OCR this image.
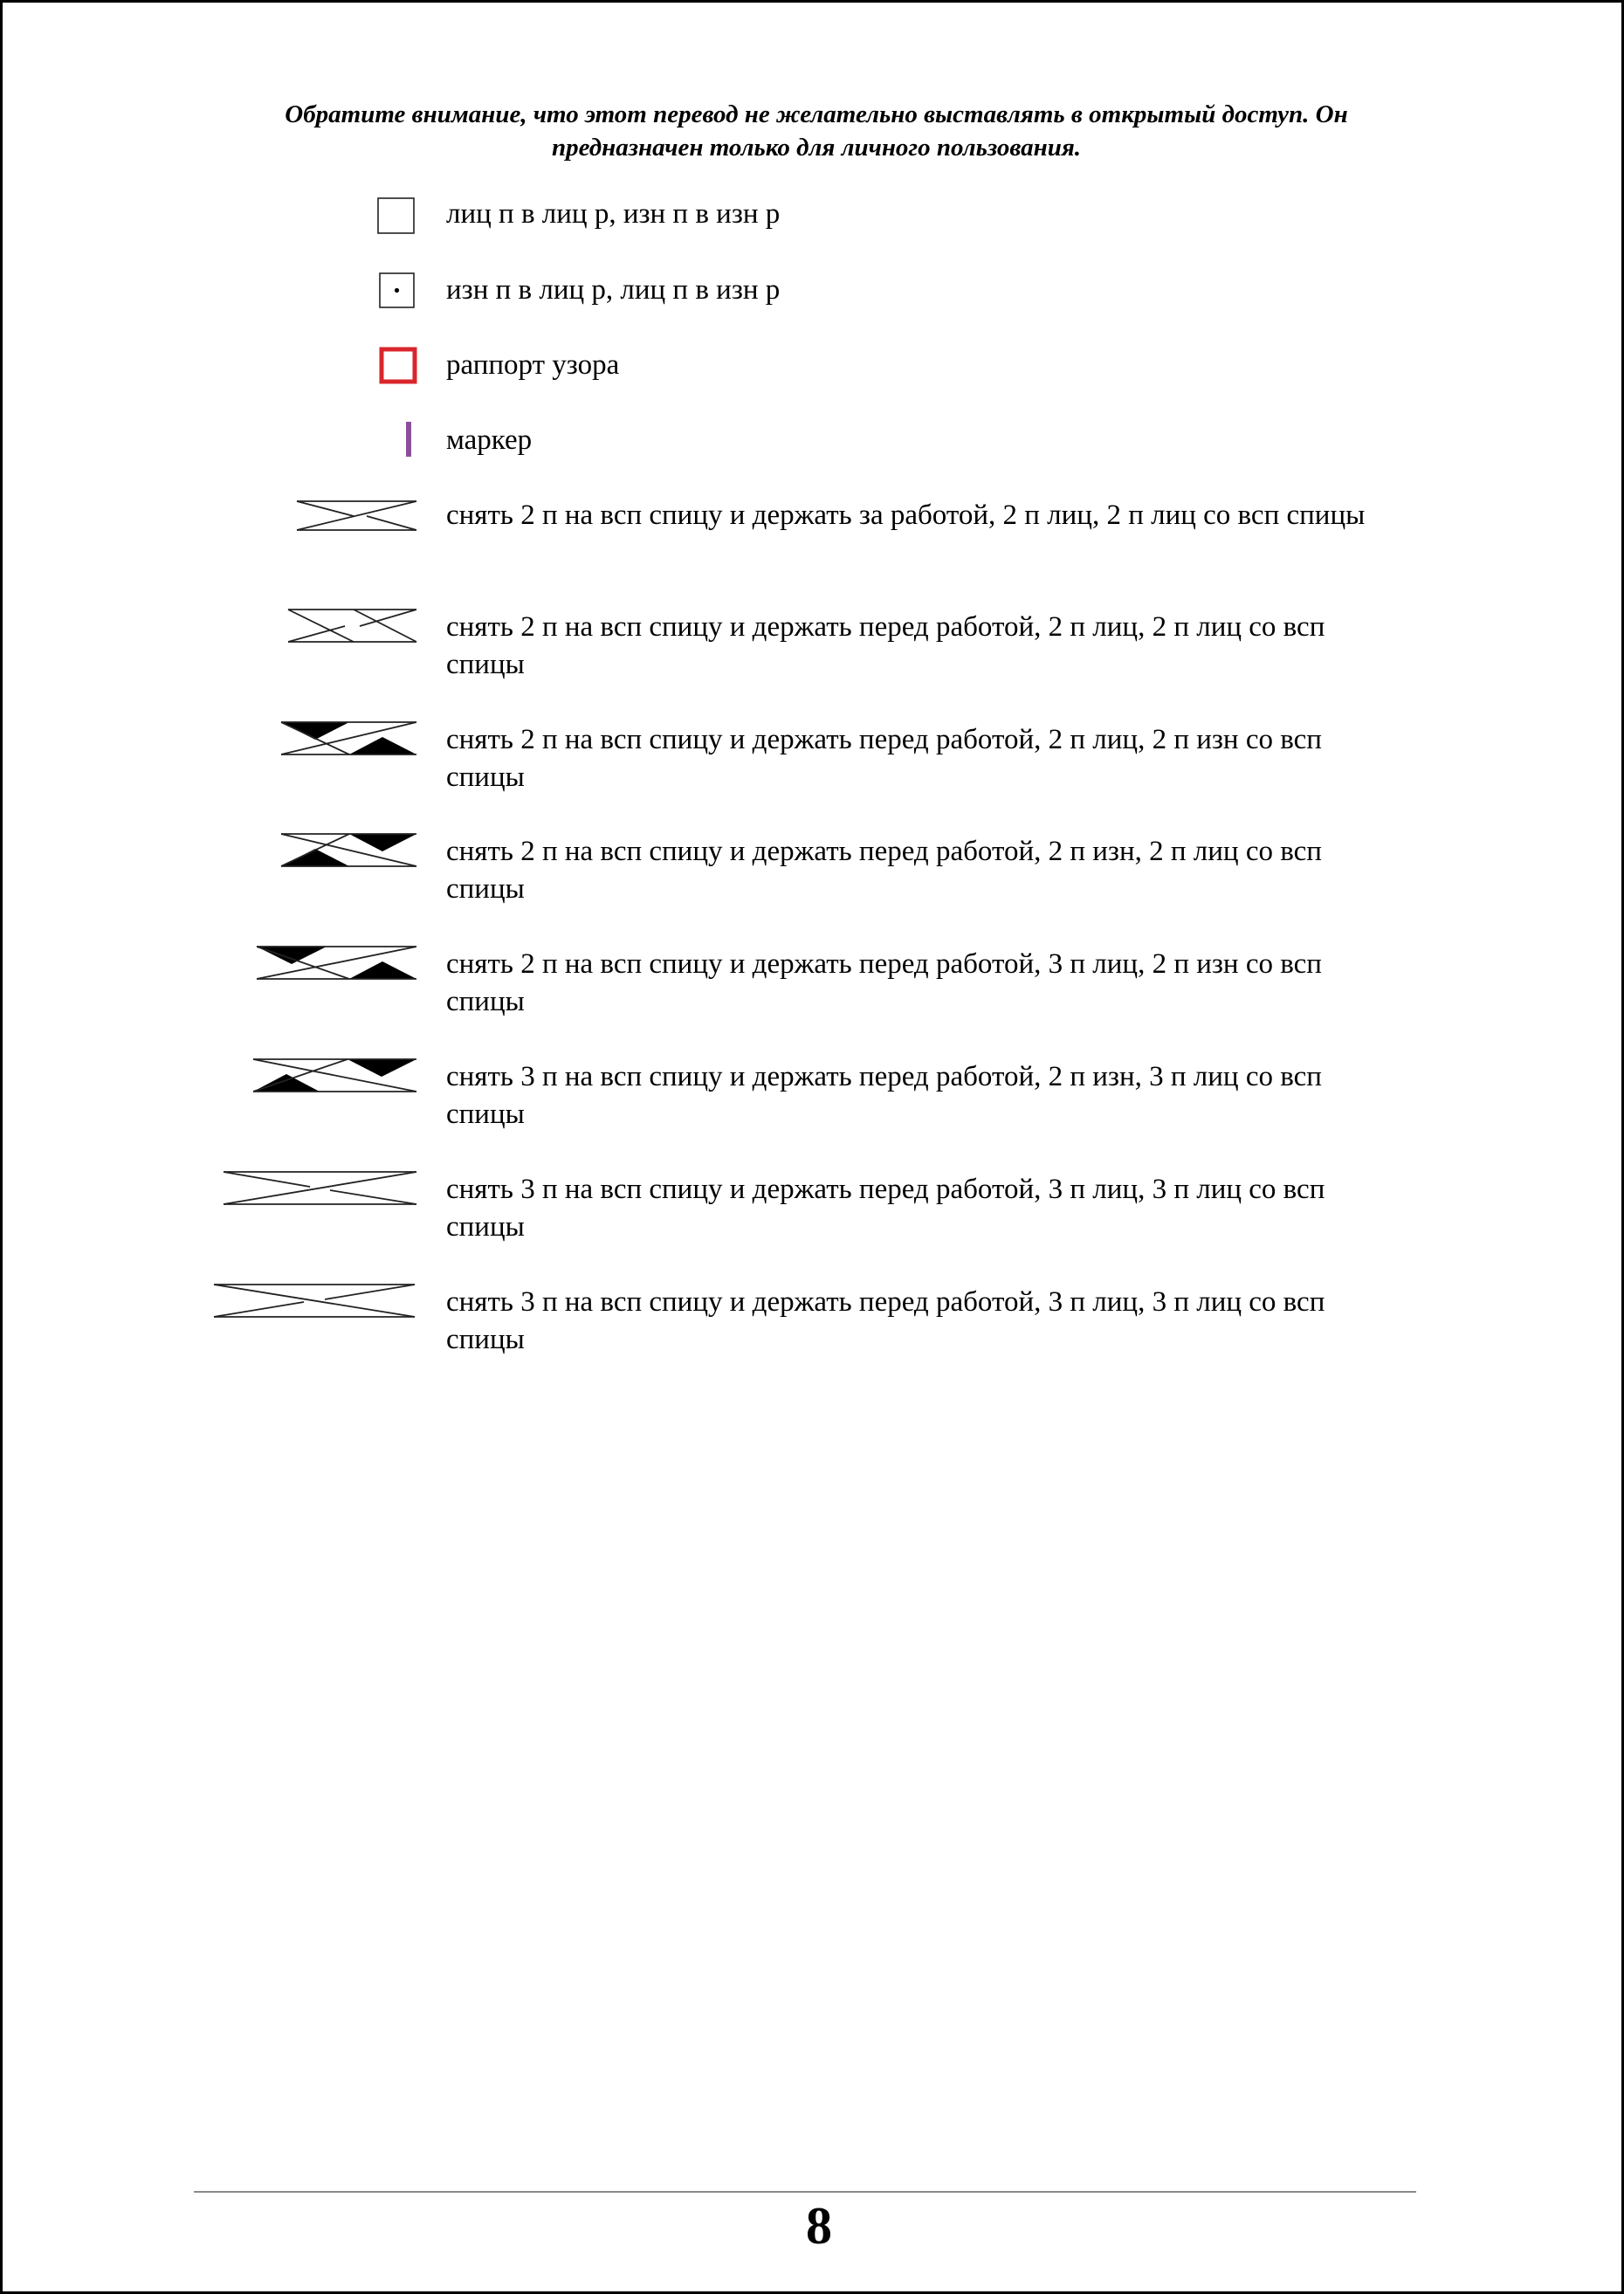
Обратите внимание, что этот перевод не желательно выставлять в открытый доступ. Он
предназначен только для личного пользования.
лиц п в лиц р, изн п в изн р
изн п в лиц р, лиц п в изн р
раппорт узора
маркер
снять 2 п на всп спицу и держать за работой, 2 п лиц, 2 п лиц со всп спицы
снять 2 п на всп спицу и держать перед работой, 2 п лиц, 2 п лиц со всп спицы
снять 2 п на всп спицу и держать перед работой, 2 п лиц, 2 п изн со всп спицы
снять 2 п на всп спицу и держать перед работой, 2 п изн, 2 п лиц со всп спицы
снять 2 п на всп спицу и держать перед работой, 3 п лиц, 2 п изн со всп спицы
снять 3 п на всп спицу и держать перед работой, 2 п изн, 3 п лиц со всп спицы
снять 3 п на всп спицу и держать перед работой, 3 п лиц, 3 п лиц со всп спицы
снять 3 п на всп спицу и держать перед работой, 3 п лиц, 3 п лиц со всп спицы
8
